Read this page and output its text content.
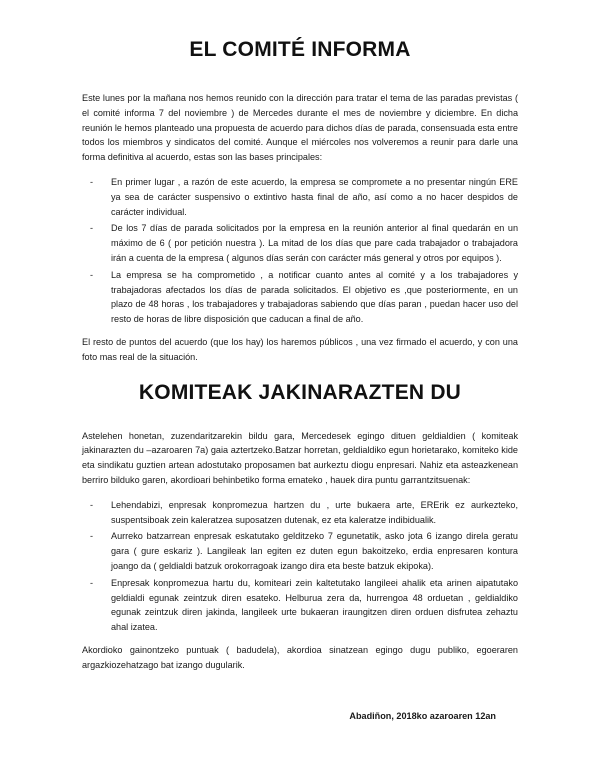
EL COMITÉ INFORMA

Este lunes por la mañana nos hemos reunido con la dirección para tratar el tema de las paradas previstas ( el comité informa 7 del noviembre ) de Mercedes durante el mes de noviembre y diciembre. En dicha reunión le hemos planteado una propuesta de acuerdo para dichos días de parada, consensuada esta entre todos los miembros y sindicatos del comité. Aunque el miércoles nos volveremos a reunir para darle una forma definitiva al acuerdo, estas son las bases principales:

- En primer lugar , a razón de este acuerdo, la empresa se compromete a no presentar ningún ERE ya sea de carácter suspensivo o extintivo hasta final de año, así como a no hacer despidos de carácter individual.
- De los 7 días de parada solicitados por la empresa en la reunión anterior al final quedarán en un máximo de 6 ( por petición nuestra ). La mitad de los días que pare cada trabajador o trabajadora irán a cuenta de la empresa ( algunos días serán con carácter más general y otros por equipos ).
- La empresa se ha comprometido , a notificar cuanto antes al comité y a los trabajadores y trabajadoras afectados los días de parada solicitados. El objetivo es ,que posteriormente, en un plazo de 48 horas , los trabajadores y trabajadoras sabiendo que días paran , puedan hacer uso del resto de horas de libre disposición que caducan a final de año.

El resto de puntos del acuerdo (que los hay) los haremos públicos , una vez firmado el acuerdo, y con una foto mas real de la situación.

KOMITEAK JAKINARAZTEN DU

Astelehen honetan, zuzendaritzarekin bildu gara, Mercedesek egingo dituen geldialdien ( komiteak jakinarazten du –azaroaren 7a) gaia aztertzeko.Batzar horretan, geldialdiko egun horietarako, komiteko kide eta sindikatu guztien artean adostutako proposamen bat aurkeztu diogu enpresari. Nahiz eta asteazkenean berriro bilduko garen, akordioari behinbetiko forma emateko , hauek dira puntu garrantzitsuenak:

- Lehendabizi, enpresak konpromezua hartzen du , urte bukaera arte, ERErik ez aurkezteko, suspentsiboak zein kaleratzea suposatzen dutenak, ez eta kaleratze indibidualik.
- Aurreko batzarrean enpresak eskatutako gelditzeko 7 egunetatik, asko jota 6 izango direla geratu gara ( gure eskariz ). Langileak lan egiten ez duten egun bakoitzeko, erdia enpresaren kontura joango da ( geldialdi batzuk orokorragoak izango dira eta beste batzuk ekipoka).
- Enpresak konpromezua hartu du, komiteari zein kaltetutako langileei ahalik eta arinen aipatutako geldialdi egunak zeintzuk diren esateko. Helburua zera da, hurrengoa 48 orduetan , geldialdiko egunak zeintzuk diren jakinda, langileek urte bukaeran iraungitzen diren orduen disfrutea zehaztu ahal izatea.

Akordioko gainontzeko puntuak ( badudela), akordioa sinatzean egingo dugu publiko, egoeraren argazkiozehatzago bat izango dugularik.

Abadiñon, 2018ko azaroaren 12an
